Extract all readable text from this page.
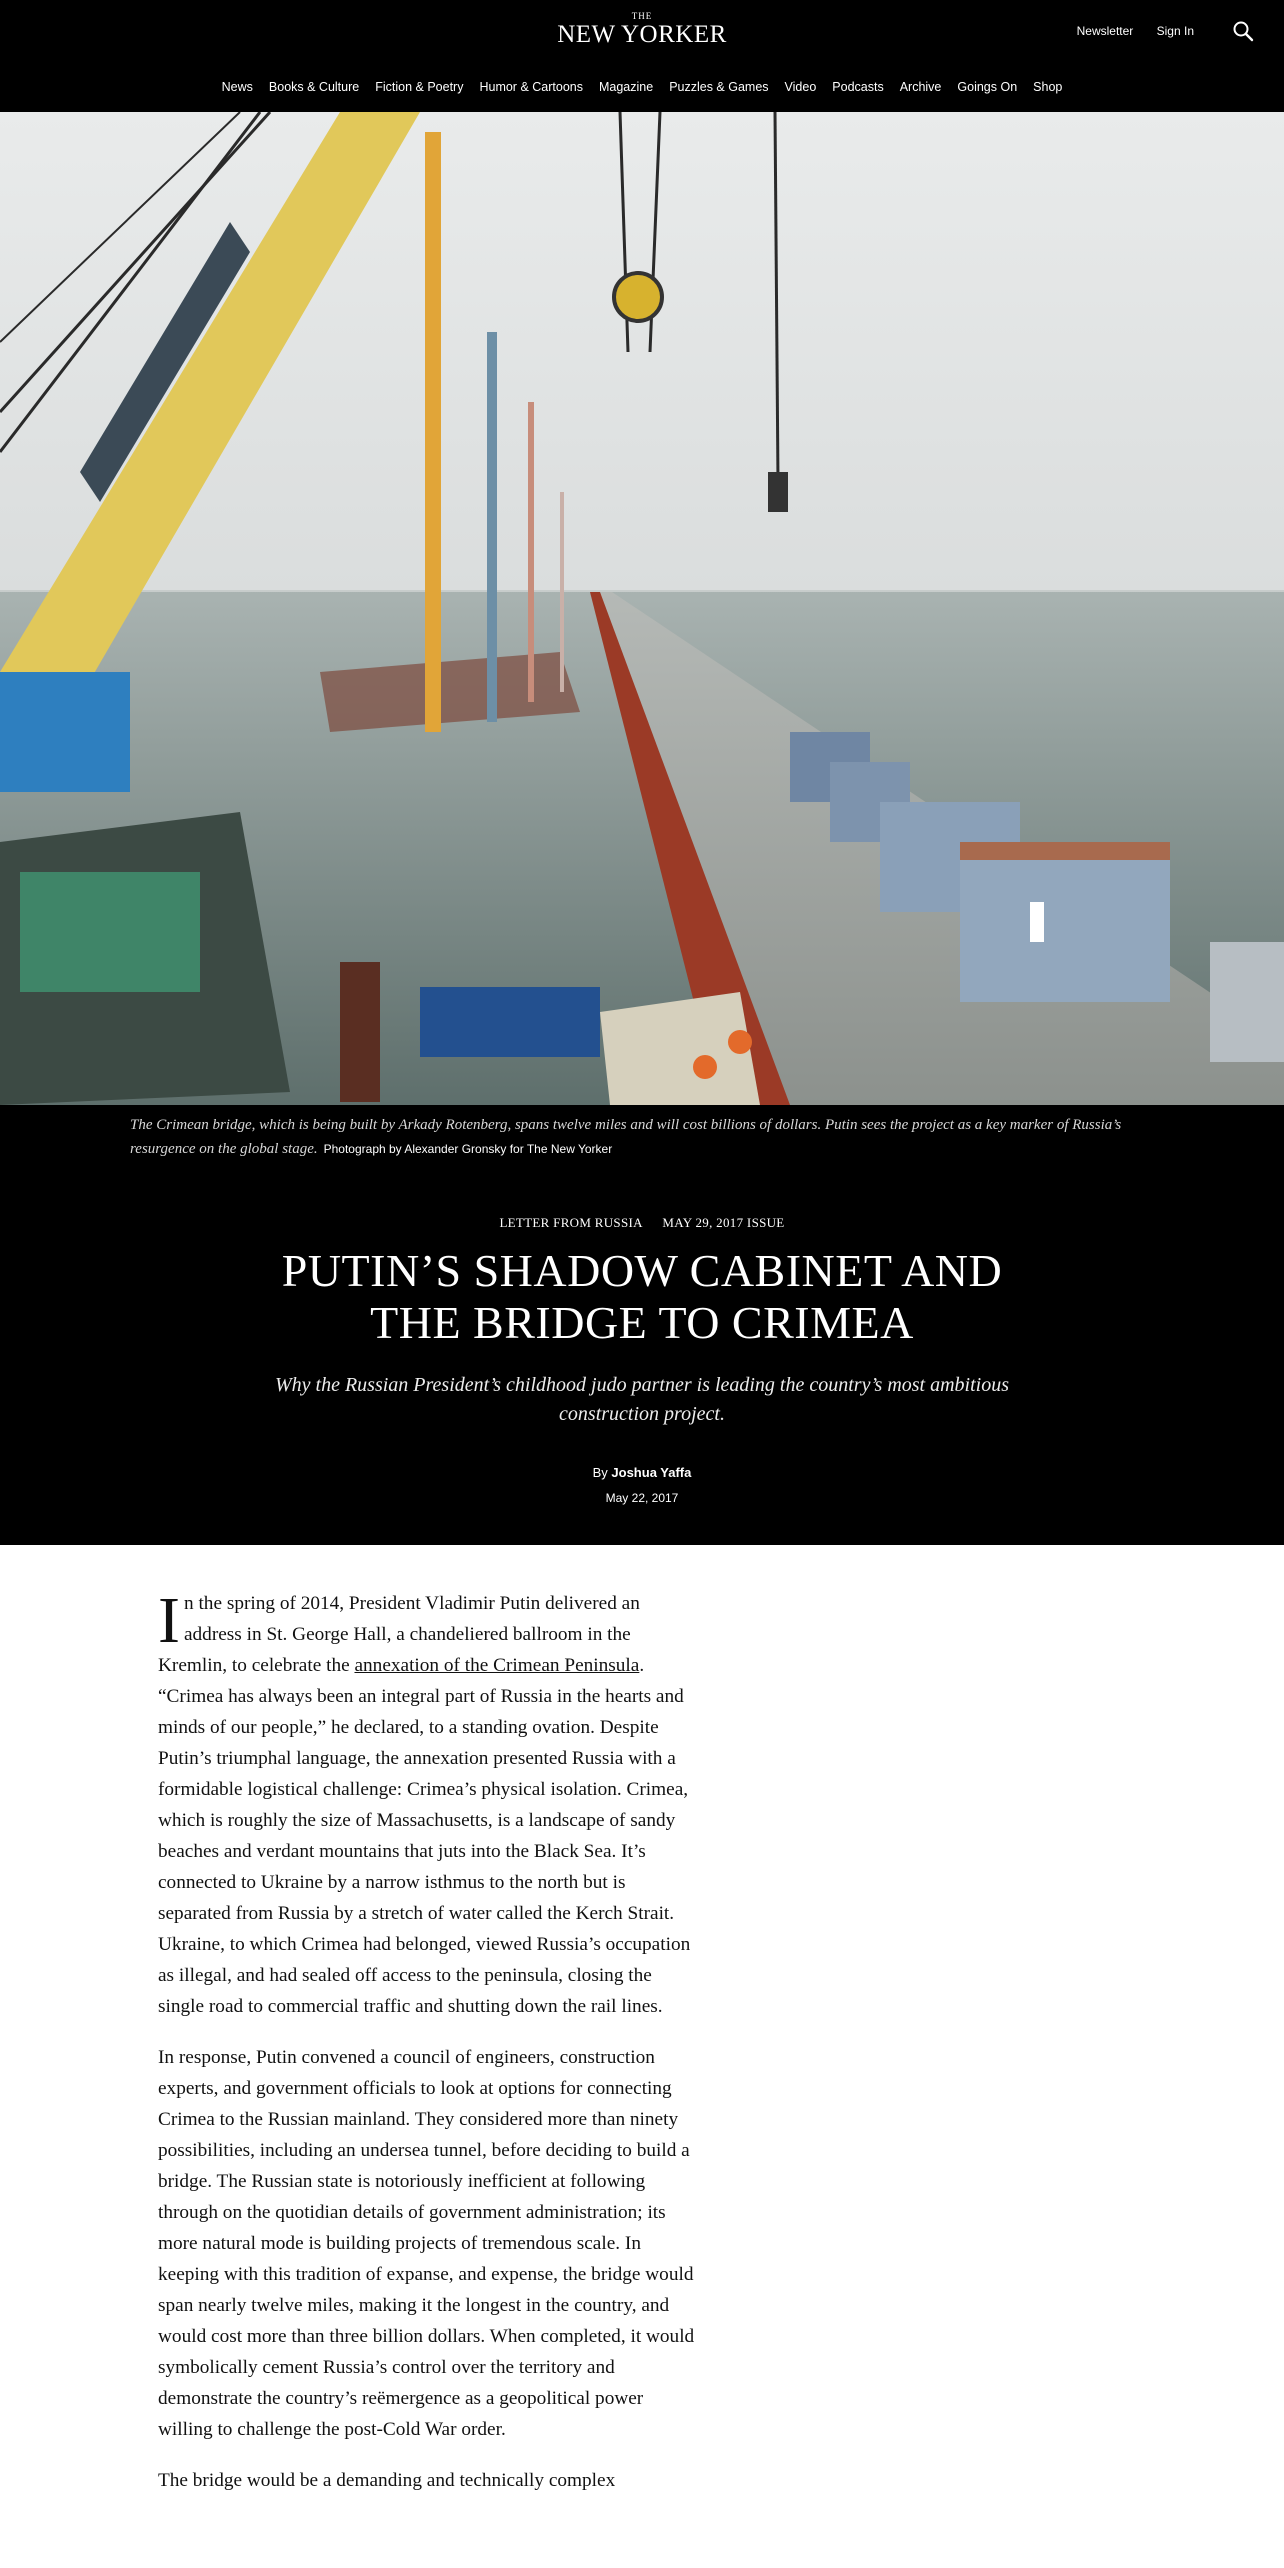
THE
NEW YORKER	Newsletter Sign In
News Books & Culture Fiction & Poetry Humor & Cartoons Magazine Puzzles & Games Video Podcasts Archive Goings On Shop
The Crimean bridge, which is being built by Arkady Rotenberg, spans twelve miles and will cost billions of dollars. Putin sees the project as a key marker of Russia’s resurgence on the global stage. Photograph by Alexander Gronsky for The New Yorker
LETTER FROM RUSSIA MAY 29, 2017 ISSUE
PUTIN’S SHADOW CABINET AND
THE BRIDGE TO CRIMEA

Why the Russian President’s childhood judo partner is leading the country’s most ambitious construction project.

By Joshua Yaffa
May 22, 2017

In the spring of 2014, President Vladimir Putin delivered an address in St. George Hall, a chandeliered ballroom in the Kremlin, to celebrate the annexation of the Crimean Peninsula. “Crimea has always been an integral part of Russia in the hearts and minds of our people,” he declared, to a standing ovation. Despite Putin’s triumphal language, the annexation presented Russia with a formidable logistical challenge: Crimea’s physical isolation. Crimea, which is roughly the size of Massachusetts, is a landscape of sandy beaches and verdant mountains that juts into the Black Sea. It’s connected to Ukraine by a narrow isthmus to the north but is separated from Russia by a stretch of water called the Kerch Strait. Ukraine, to which Crimea had belonged, viewed Russia’s occupation as illegal, and had sealed off access to the peninsula, closing the single road to commercial traffic and shutting down the rail lines.

In response, Putin convened a council of engineers, construction experts, and government officials to look at options for connecting Crimea to the Russian mainland. They considered more than ninety possibilities, including an undersea tunnel, before deciding to build a bridge. The Russian state is notoriously inefficient at following through on the quotidian details of government administration; its more natural mode is building projects of tremendous scale. In keeping with this tradition of expanse, and expense, the bridge would span nearly twelve miles, making it the longest in the country, and would cost more than three billion dollars. When completed, it would symbolically cement Russia’s control over the territory and demonstrate the country’s reëmergence as a geopolitical power willing to challenge the post-Cold War order.

The bridge would be a demanding and technically complex
